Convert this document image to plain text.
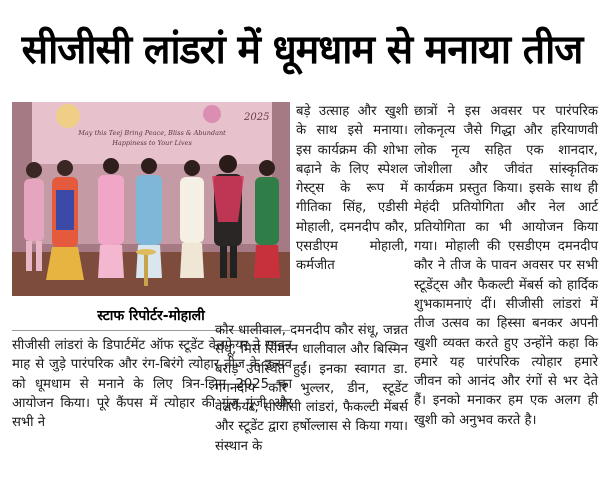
सीजीसी लांडरां में धूमधाम से मनाया तीज
2025
May this Teej Bring Peace, Bliss & Abundant
Happiness to Your Lives
स्टाफ रिपोर्टर-मोहाली

सीजीसी लांडरां के डिपार्टमेंट ऑफ स्टूडेंट वेलफेयर ने सावन माह से जुड़े पारंपरिक और रंग-बिरंगे त्योहार तीज के उत्सव को धूमधाम से मनाने के लिए त्रिन-झिम 2025 का आयोजन किया। पूरे कैंपस में त्योहार की गूंज गूंजी और सभी ने

बड़े उत्साह और खुशी के साथ इसे मनाया। इस कार्यक्रम की शोभा बढ़ाने के लिए स्पेशल गेस्ट्स के रूप में गीतिका सिंह, एडीसी मोहाली, दमनदीप कौर, एसडीएम मोहाली, कर्मजीत

कौर धालीवाल, दमनदीप कौर संधू, जन्नत संधू, मिस सिमरन धालीवाल और बिस्मिन बराड़ उपस्थित हुईं। इनका स्वागत डा. गगनदीप कौर भुल्लर, डीन, स्टूडेंट वेलफेयर, सीजीसी लांडरां, फैकल्टी मेंबर्स और स्टूडेंट द्वारा हर्षोल्लास से किया गया। संस्थान के

छात्रों ने इस अवसर पर पारंपरिक लोकनृत्य जैसे गिद्धा और हरियाणवी लोक नृत्य सहित एक शानदार, जोशीला और जीवंत सांस्कृतिक कार्यक्रम प्रस्तुत किया। इसके साथ ही मेहंदी प्रतियोगिता और नेल आर्ट प्रतियोगिता का भी आयोजन किया गया। मोहाली की एसडीएम दमनदीप कौर ने तीज के पावन अवसर पर सभी स्टूडेंट्स और फैकल्टी मेंबर्स को हार्दिक शुभकामनाएं दीं। सीजीसी लांडरां में तीज उत्सव का हिस्सा बनकर अपनी खुशी व्यक्त करते हुए उन्होंने कहा कि हमारे यह पारंपरिक त्योहार हमारे जीवन को आनंद और रंगों से भर देते हैं। इनको मनाकर हम एक अलग ही खुशी को अनुभव करते है।
